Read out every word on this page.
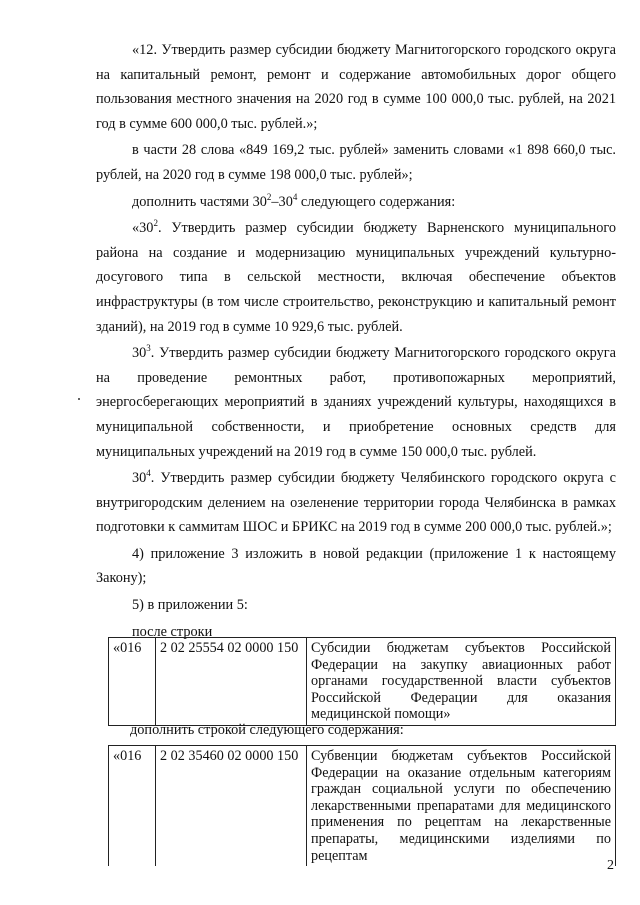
«12. Утвердить размер субсидии бюджету Магнитогорского городского округа на капитальный ремонт, ремонт и содержание автомобильных дорог общего пользования местного значения на 2020 год в сумме 100 000,0 тыс. рублей, на 2021 год в сумме 600 000,0 тыс. рублей.»;

в части 28 слова «849 169,2 тыс. рублей» заменить словами «1 898 660,0 тыс. рублей, на 2020 год в сумме 198 000,0 тыс. рублей»;

дополнить частями $30^2-30^4$ следующего содержания:

«$30^2$. Утвердить размер субсидии бюджету Варненского муниципального района на создание и модернизацию муниципальных учреждений культурно-досугового типа в сельской местности, включая обеспечение объектов инфраструктуры (в том числе строительство, реконструкцию и капитальный ремонт зданий), на 2019 год в сумме 10 929,6 тыс. рублей.

$30^3$. Утвердить размер субсидии бюджету Магнитогорского городского округа на проведение ремонтных работ, противопожарных мероприятий, энергосберегающих мероприятий в зданиях учреждений культуры, находящихся в муниципальной собственности, и приобретение основных средств для муниципальных учреждений на 2019 год в сумме 150 000,0 тыс. рублей.

$30^4$. Утвердить размер субсидии бюджету Челябинского городского округа с внутригородским делением на озеленение территории города Челябинска в рамках подготовки к саммитам ШОС и БРИКС на 2019 год в сумме 200 000,0 тыс. рублей.»;

4) приложение 3 изложить в новой редакции (приложение 1 к настоящему Закону);

5) в приложении 5:

после строки

«016	2 02 25554 02 0000 150	Субсидии бюджетам субъектов Российской Федерации на закупку авиационных работ органами государственной власти субъектов Российской Федерации для оказания медицинской помощи»
дополнить строкой следующего содержания:
«016	2 02 35460 02 0000 150	Субвенции бюджетам субъектов Российской Федерации на оказание отдельным категориям граждан социальной услуги по обеспечению лекарственными препаратами для медицинского применения по рецептам на лекарственные препараты, медицинскими изделиями по рецептам
2
